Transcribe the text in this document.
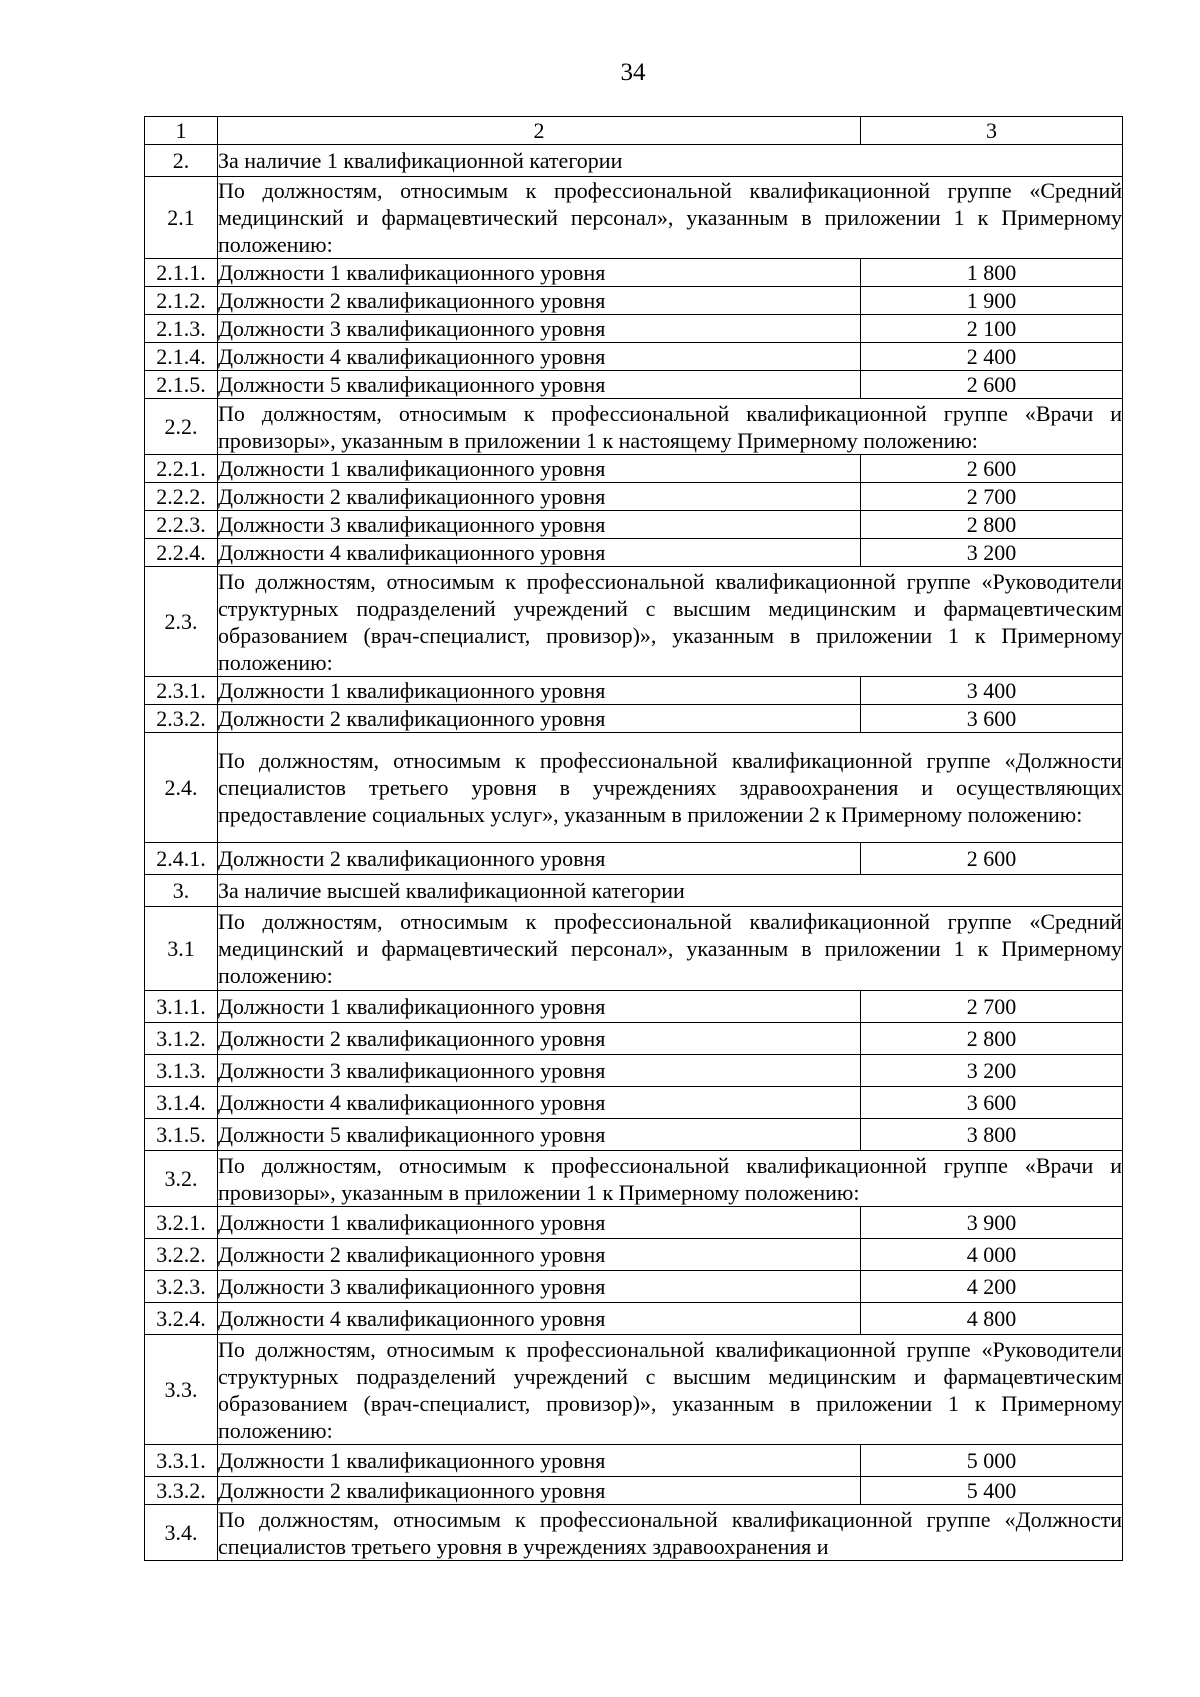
34
1	2	3
2.	За наличие 1 квалификационной категории	
2.1	По должностям, относимым к профессиональной квалификационной группе «Средний медицинский и фармацевтический персонал», указанным в приложении 1 к Примерному положению:	
2.1.1.	Должности 1 квалификационного уровня	1 800
2.1.2.	Должности 2 квалификационного уровня	1 900
2.1.3.	Должности 3 квалификационного уровня	2 100
2.1.4.	Должности 4 квалификационного уровня	2 400
2.1.5.	Должности 5 квалификационного уровня	2 600
2.2.	По должностям, относимым к профессиональной квалификационной группе «Врачи и провизоры», указанным в приложении 1 к настоящему Примерному положению:	
2.2.1.	Должности 1 квалификационного уровня	2 600
2.2.2.	Должности 2 квалификационного уровня	2 700
2.2.3.	Должности 3 квалификационного уровня	2 800
2.2.4.	Должности 4 квалификационного уровня	3 200
2.3.	По должностям, относимым к профессиональной квалификационной группе «Руководители структурных подразделений учреждений с высшим медицинским и фармацевтическим образованием (врач-специалист, провизор)», указанным в приложении 1 к Примерному положению:	
2.3.1.	Должности 1 квалификационного уровня	3 400
2.3.2.	Должности 2 квалификационного уровня	3 600
2.4.	По должностям, относимым к профессиональной квалификационной группе «Должности специалистов третьего уровня в учреждениях здравоохранения и осуществляющих предоставление социальных услуг», указанным в приложении 2 к Примерному положению:	
2.4.1.	Должности 2 квалификационного уровня	2 600
3.	За наличие высшей квалификационной категории	
3.1	По должностям, относимым к профессиональной квалификационной группе «Средний медицинский и фармацевтический персонал», указанным в приложении 1 к Примерному положению:	
3.1.1.	Должности 1 квалификационного уровня	2 700
3.1.2.	Должности 2 квалификационного уровня	2 800
3.1.3.	Должности 3 квалификационного уровня	3 200
3.1.4.	Должности 4 квалификационного уровня	3 600
3.1.5.	Должности 5 квалификационного уровня	3 800
3.2.	По должностям, относимым к профессиональной квалификационной группе «Врачи и провизоры», указанным в приложении 1 к Примерному положению:	
3.2.1.	Должности 1 квалификационного уровня	3 900
3.2.2.	Должности 2 квалификационного уровня	4 000
3.2.3.	Должности 3 квалификационного уровня	4 200
3.2.4.	Должности 4 квалификационного уровня	4 800
3.3.	По должностям, относимым к профессиональной квалификационной группе «Руководители структурных подразделений учреждений с высшим медицинским и фармацевтическим образованием (врач-специалист, провизор)», указанным в приложении 1 к Примерному положению:	
3.3.1.	Должности 1 квалификационного уровня	5 000
3.3.2.	Должности 2 квалификационного уровня	5 400
3.4.	По должностям, относимым к профессиональной квалификационной группе «Должности специалистов третьего уровня в учреждениях здравоохранения и	
